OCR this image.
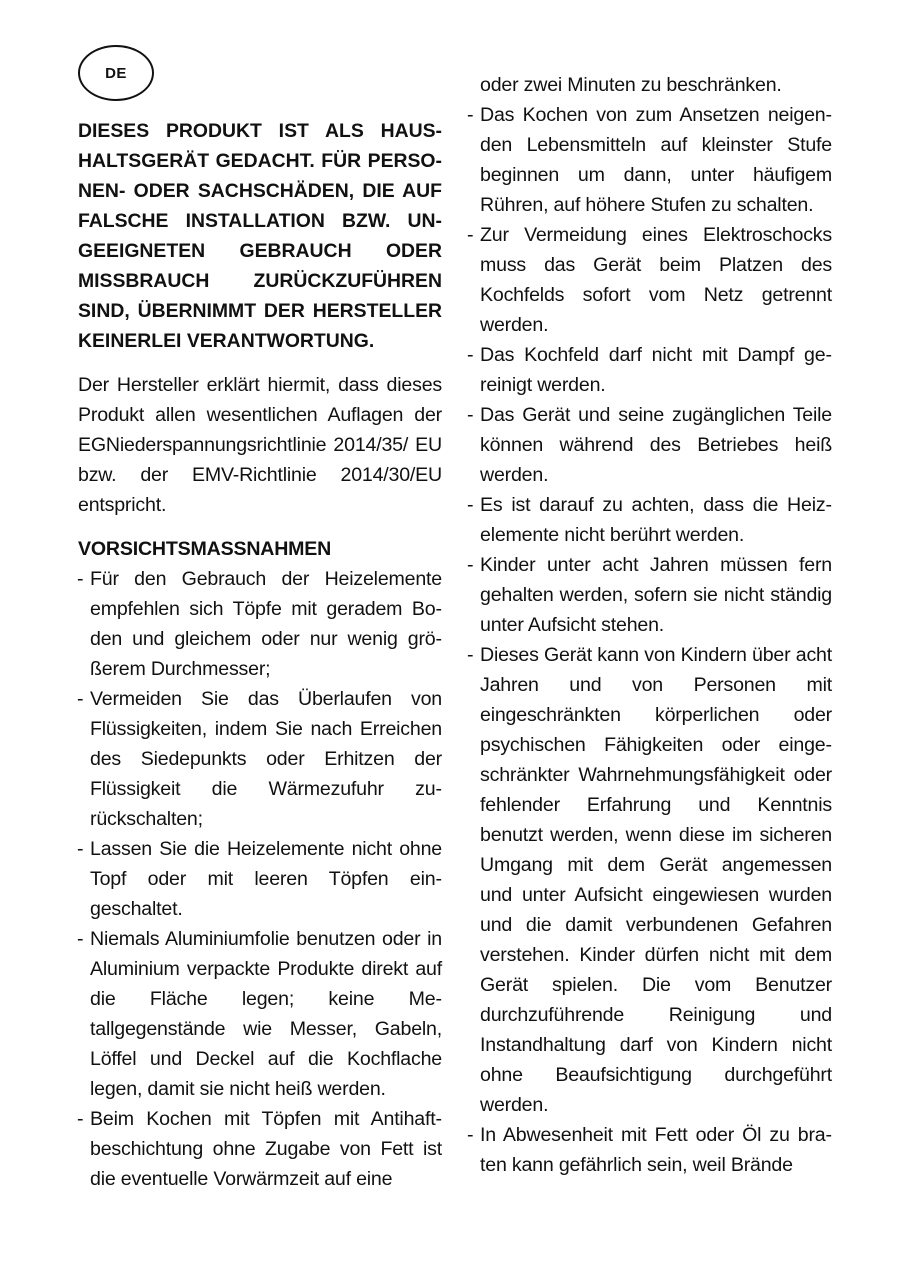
DE

DIESES PRODUKT IST ALS HAUSHALTSGERÄT GEDACHT. FÜR PERSONEN- ODER SACHSCHÄDEN, DIE AUF FALSCHE INSTALLATION BZW. UNGEEIGNETEN GEBRAUCH ODER MISSBRAUCH ZURÜCKZUFÜHREN SIND, ÜBERNIMMT DER HERSTELLER KEINERLEI VERANTWORTUNG.

Der Hersteller erklärt hiermit, dass dieses Produkt allen wesentlichen Auflagen der EGNiederspannungsrichtlinie 2014/35/ EU bzw. der EMV-Richtlinie 2014/30/EU entspricht.

VORSICHTSMASSNAHMEN

- Für den Gebrauch der Heizelemente empfehlen sich Töpfe mit geradem Boden und gleichem oder nur wenig größerem Durchmesser;
- Vermeiden Sie das Überlaufen von Flüssigkeiten, indem Sie nach Erreichen des Siedepunkts oder Erhitzen der Flüssigkeit die Wärmezufuhr zurückschalten;
- Lassen Sie die Heizelemente nicht ohne Topf oder mit leeren Töpfen eingeschaltet.
- Niemals Aluminiumfolie benutzen oder in Aluminium verpackte Produkte direkt auf die Fläche legen; keine Metallgegenstände wie Messer, Gabeln, Löffel und Deckel auf die Kochflache legen, damit sie nicht heiß werden.
- Beim Kochen mit Töpfen mit Antihaftbeschichtung ohne Zugabe von Fett ist die eventuelle Vorwärmzeit auf eine

oder zwei Minuten zu beschränken.

- Das Kochen von zum Ansetzen neigenden Lebensmitteln auf kleinster Stufe beginnen um dann, unter häufigem Rühren, auf höhere Stufen zu schalten.
- Zur Vermeidung eines Elektroschocks muss das Gerät beim Platzen des Kochfelds sofort vom Netz getrennt werden.
- Das Kochfeld darf nicht mit Dampf gereinigt werden.
- Das Gerät und seine zugänglichen Teile können während des Betriebes heiß werden.
- Es ist darauf zu achten, dass die Heizelemente nicht berührt werden.
- Kinder unter acht Jahren müssen fern gehalten werden, sofern sie nicht ständig unter Aufsicht stehen.
- Dieses Gerät kann von Kindern über acht Jahren und von Personen mit eingeschränkten körperlichen oder psychischen Fähigkeiten oder eingeschränkter Wahrnehmungsfähigkeit oder fehlender Erfahrung und Kenntnis benutzt werden, wenn diese im sicheren Umgang mit dem Gerät angemessen und unter Aufsicht eingewiesen wurden und die damit verbundenen Gefahren verstehen. Kinder dürfen nicht mit dem Gerät spielen. Die vom Benutzer durchzuführende Reinigung und Instandhaltung darf von Kindern nicht ohne Beaufsichtigung durchgeführt werden.
- In Abwesenheit mit Fett oder Öl zu braten kann gefährlich sein, weil Brände
